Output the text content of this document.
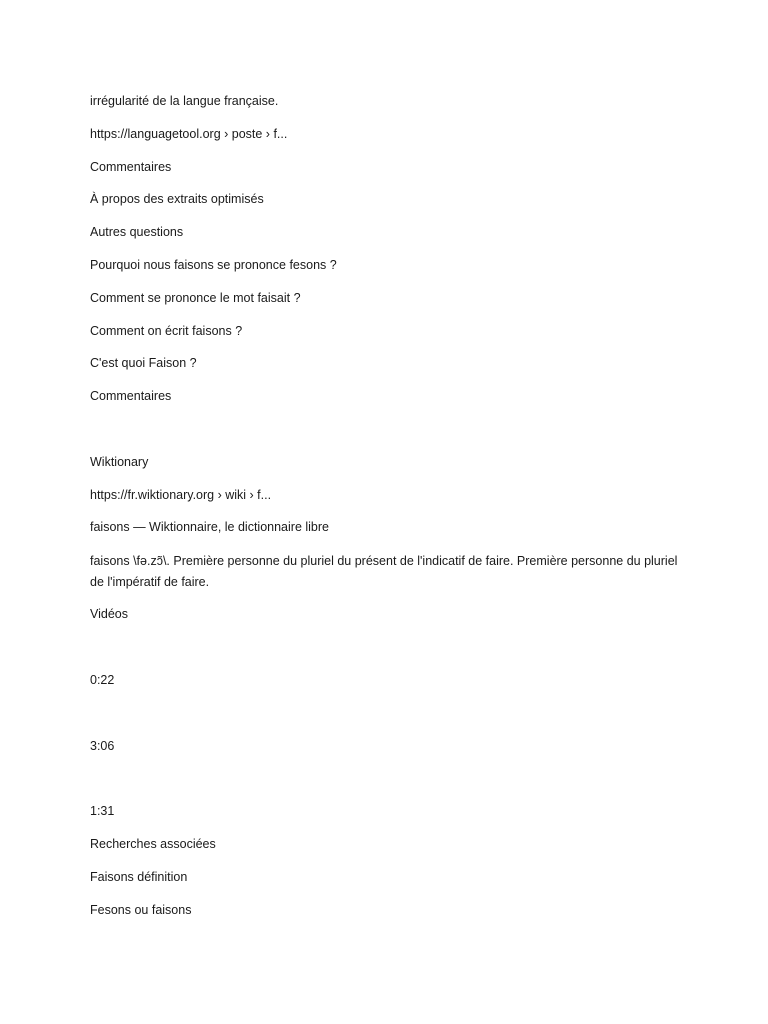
irrégularité de la langue française.
https://languagetool.org › poste › f...
Commentaires
À propos des extraits optimisés
Autres questions
Pourquoi nous faisons se prononce fesons ?
Comment se prononce le mot faisait ?
Comment on écrit faisons ?
C'est quoi Faison ?
Commentaires
Wiktionary
https://fr.wiktionary.org › wiki › f...
faisons — Wiktionnaire, le dictionnaire libre
faisons \fə.zɔ̃\. Première personne du pluriel du présent de l'indicatif de faire. Première personne du pluriel de l'impératif de faire.
Vidéos
0:22
3:06
1:31
Recherches associées
Faisons définition
Fesons ou faisons
